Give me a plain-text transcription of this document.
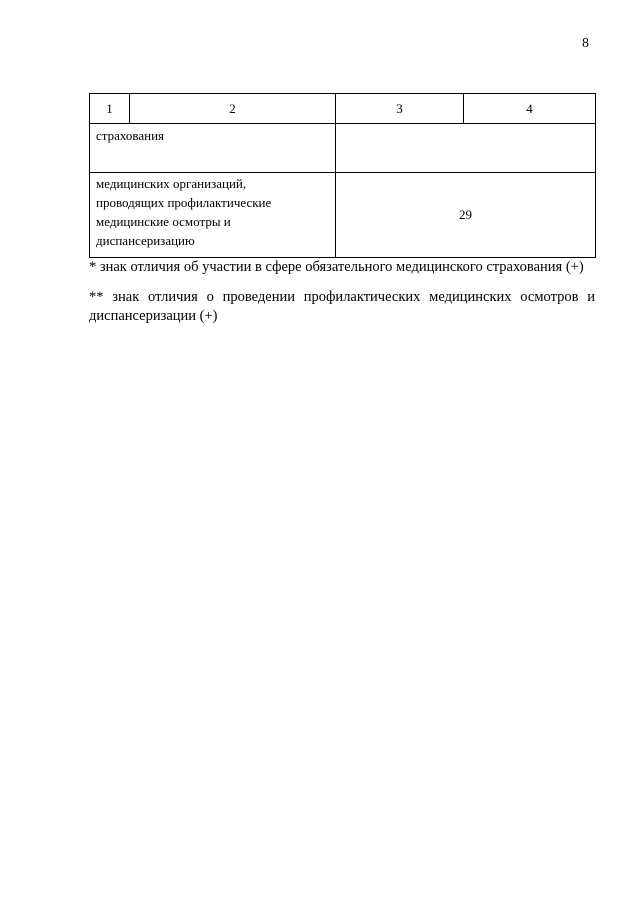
8
1	2	3	4

страхования			

медицинских организаций,
проводящих профилактические
медицинские осмотры и
диспансеризацию		29	

* знак отличия об участии в сфере обязательного медицинского страхования (+)

** знак отличия о проведении профилактических медицинских осмотров и диспансеризации (+)
